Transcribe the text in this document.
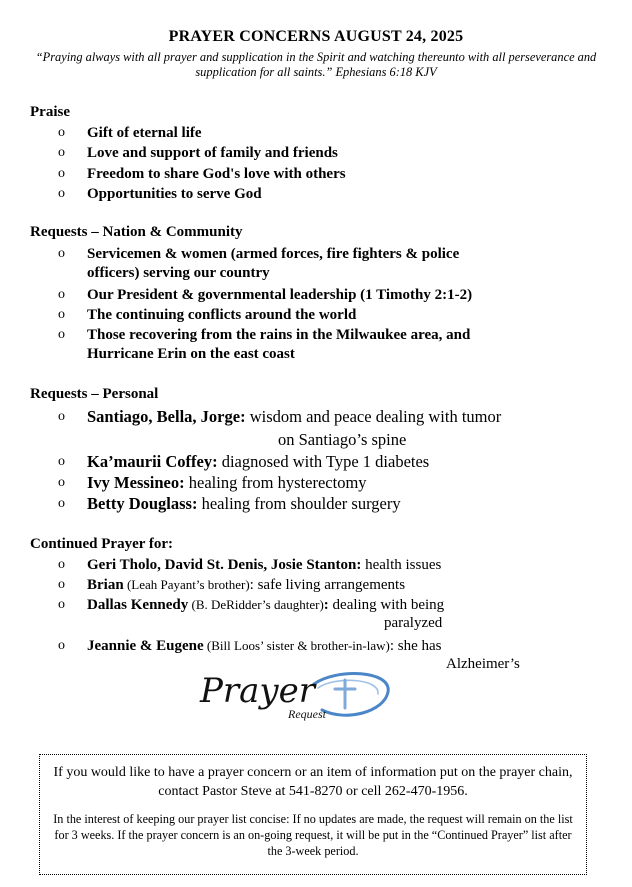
PRAYER CONCERNS AUGUST 24, 2025
“Praying always with all prayer and supplication in the Spirit and watching thereunto with all perseverance and supplication for all saints.” Ephesians 6:18 KJV
Praise
o Gift of eternal life
o Love and support of family and friends
o Freedom to share God's love with others
o Opportunities to serve God
Requests – Nation & Community
o Servicemen & women (armed forces, fire fighters & police
officers) serving our country
o Our President & governmental leadership (1 Timothy 2:1-2)
o The continuing conflicts around the world
o Those recovering from the rains in the Milwaukee area, and
Hurricane Erin on the east coast
Requests – Personal
o Santiago, Bella, Jorge: wisdom and peace dealing with tumor
on Santiago’s spine
o Ka’maurii Coffey: diagnosed with Type 1 diabetes
o Ivy Messineo: healing from hysterectomy
o Betty Douglass: healing from shoulder surgery
Continued Prayer for:
o Geri Tholo, David St. Denis, Josie Stanton: health issues
o Brian (Leah Payant’s brother): safe living arrangements
o Dallas Kennedy (B. DeRidder’s daughter): dealing with being
paralyzed
o Jeannie & Eugene (Bill Loos’ sister & brother-in-law): she has
Alzheimer’s
Prayer
Request
If you would like to have a prayer concern or an item of information put on the prayer chain, contact Pastor Steve at 541-8270 or cell 262-470-1956.
In the interest of keeping our prayer list concise: If no updates are made, the request will remain on the list for 3 weeks. If the prayer concern is an on-going request, it will be put in the “Continued Prayer” list after the 3-week period.
